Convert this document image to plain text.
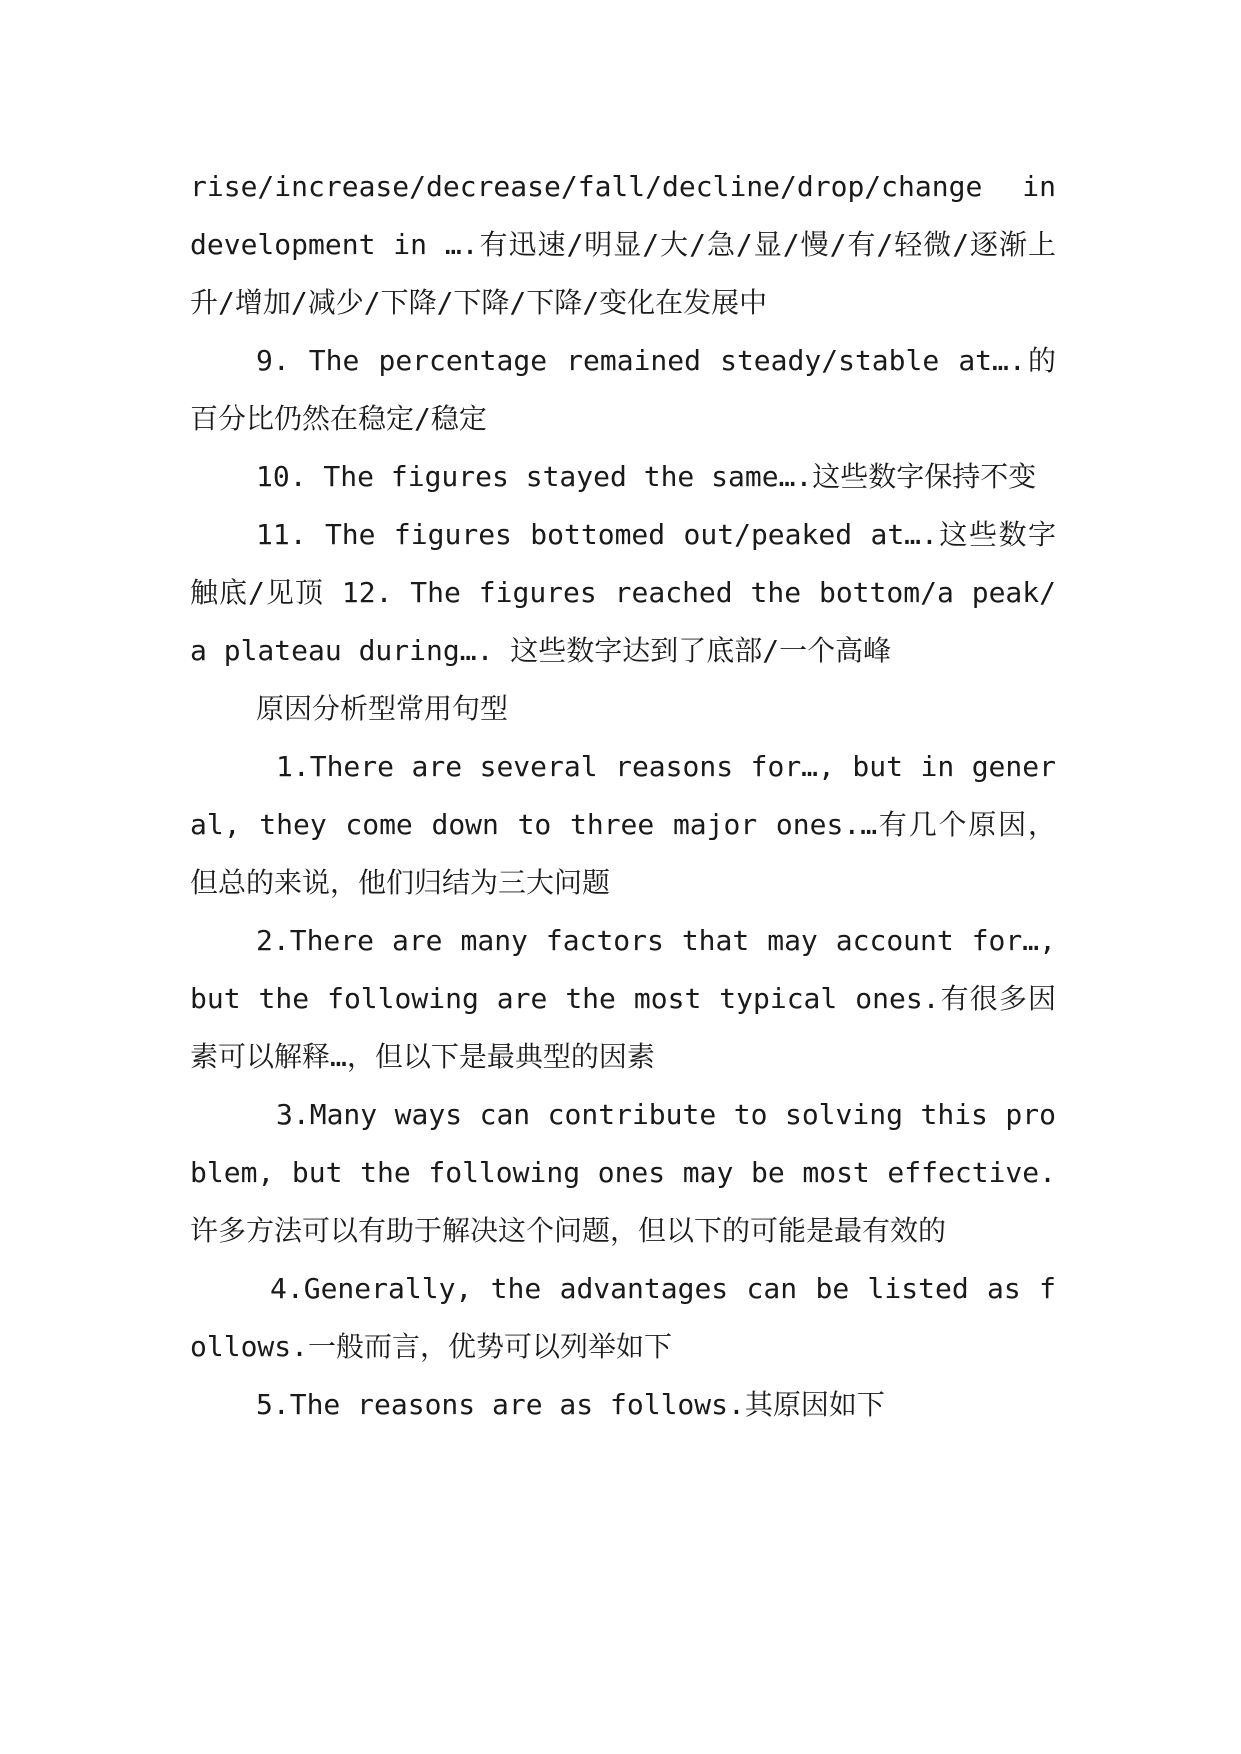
rise/increase/decrease/fall/decline/drop/change in development in ….有迅速/明显/大/急/显/慢/有/轻微/逐渐上升/增加/减少/下降/下降/下降/变化在发展中

9. The percentage remained steady/stable at….的百分比仍然在稳定/稳定

10. The figures stayed the same….这些数字保持不变

11. The figures bottomed out/peaked at….这些数字触底/见顶 12. The figures reached the bottom/a peak/a plateau during…. 这些数字达到了底部/一个高峰

原因分析型常用句型

1.There are several reasons for…, but in general, they come down to three major ones.…有几个原因，但总的来说，他们归结为三大问题

2.There are many factors that may account for…, but the following are the most typical ones.有很多因素可以解释…，但以下是最典型的因素

3.Many ways can contribute to solving this problem, but the following ones may be most effective.许多方法可以有助于解决这个问题，但以下的可能是最有效的

4.Generally, the advantages can be listed as follows.一般而言，优势可以列举如下

5.The reasons are as follows.其原因如下
